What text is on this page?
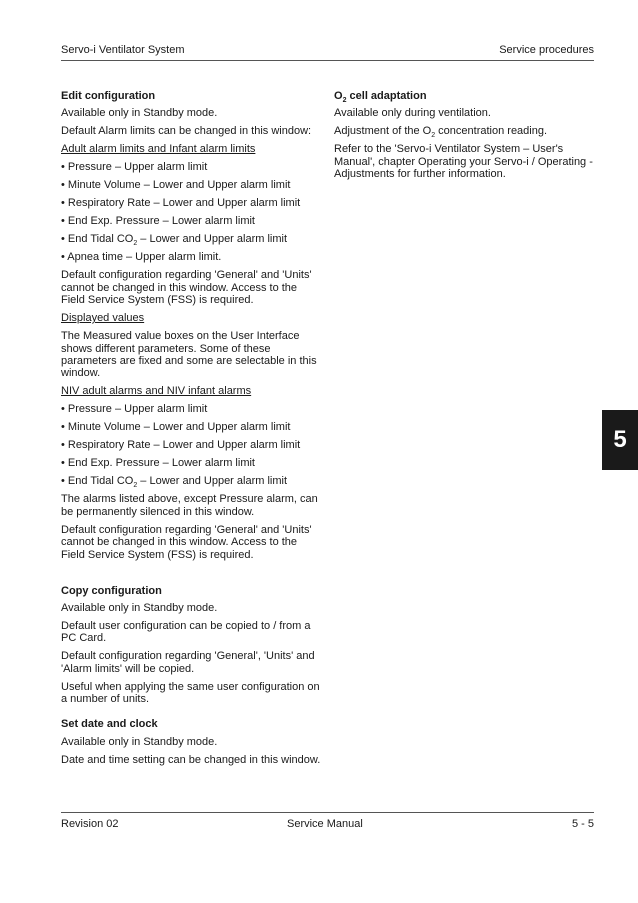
Servo-i Ventilator System	Service procedures
Edit configuration

Available only in Standby mode.

Default Alarm limits can be changed in this window:

Adult alarm limits and Infant alarm limits

• Pressure – Upper alarm limit

• Minute Volume – Lower and Upper alarm limit

• Respiratory Rate – Lower and Upper alarm limit

• End Exp. Pressure – Lower alarm limit

• End Tidal $CO_2$ – Lower and Upper alarm limit

• Apnea time – Upper alarm limit.

Default configuration regarding 'General' and 'Units' cannot be changed in this window. Access to the Field Service System (FSS) is required.

Displayed values

The Measured value boxes on the User Interface shows different parameters. Some of these parameters are fixed and some are selectable in this window.

NIV adult alarms and NIV infant alarms

• Pressure – Upper alarm limit

• Minute Volume – Lower and Upper alarm limit

• Respiratory Rate – Lower and Upper alarm limit

• End Exp. Pressure – Lower alarm limit

• End Tidal $CO_2$ – Lower and Upper alarm limit

The alarms listed above, except Pressure alarm, can be permanently silenced in this window.

Default configuration regarding 'General' and 'Units' cannot be changed in this window. Access to the Field Service System (FSS) is required.

Copy configuration

Available only in Standby mode.

Default user configuration can be copied to / from a PC Card.

Default configuration regarding 'General', 'Units' and 'Alarm limits' will be copied.

Useful when applying the same user configuration on a number of units.

Set date and clock

Available only in Standby mode.

Date and time setting can be changed in this window.

$O_2$ cell adaptation

Available only during ventilation.

Adjustment of the $O_2$ concentration reading.

Refer to the 'Servo-i Ventilator System – User's Manual', chapter Operating your Servo-i / Operating - Adjustments for further information.

5
Revision 02	Service Manual	5 - 5
